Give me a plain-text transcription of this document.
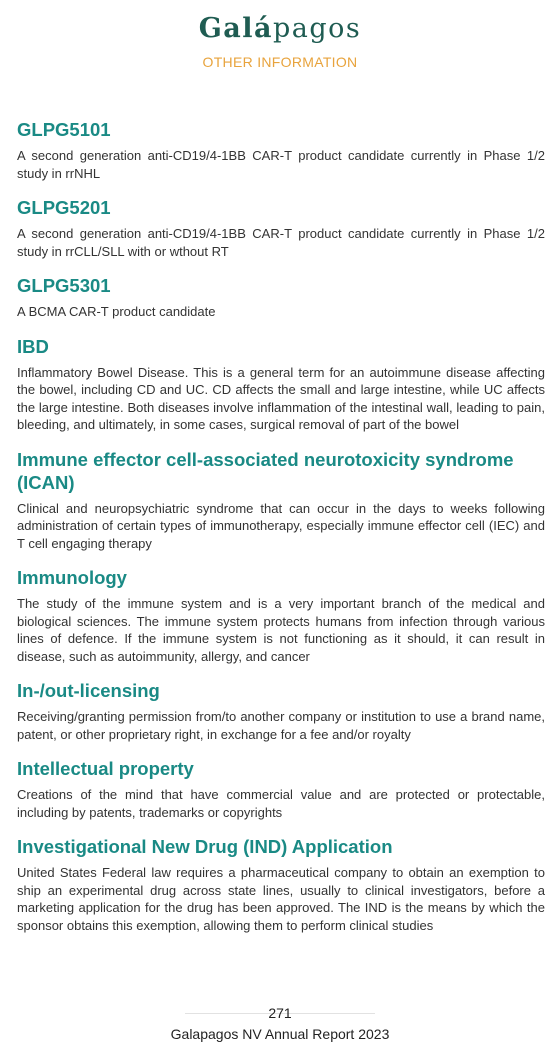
Galápagos
OTHER INFORMATION
GLPG5101

A second generation anti-CD19/4-1BB CAR-T product candidate currently in Phase 1/2 study in rrNHL

GLPG5201

A second generation anti-CD19/4-1BB CAR-T product candidate currently in Phase 1/2 study in rrCLL/SLL with or wthout RT

GLPG5301

A BCMA CAR-T product candidate

IBD

Inflammatory Bowel Disease. This is a general term for an autoimmune disease affecting the bowel, including CD and UC. CD affects the small and large intestine, while UC affects the large intestine. Both diseases involve inflammation of the intestinal wall, leading to pain, bleeding, and ultimately, in some cases, surgical removal of part of the bowel

Immune effector cell-associated neurotoxicity syndrome (ICAN)

Clinical and neuropsychiatric syndrome that can occur in the days to weeks following administration of certain types of immunotherapy, especially immune effector cell (IEC) and T cell engaging therapy

Immunology

The study of the immune system and is a very important branch of the medical and biological sciences. The immune system protects humans from infection through various lines of defence. If the immune system is not functioning as it should, it can result in disease, such as autoimmunity, allergy, and cancer

In-/out-licensing

Receiving/granting permission from/to another company or institution to use a brand name, patent, or other proprietary right, in exchange for a fee and/or royalty

Intellectual property

Creations of the mind that have commercial value and are protected or protectable, including by patents, trademarks or copyrights

Investigational New Drug (IND) Application

United States Federal law requires a pharmaceutical company to obtain an exemption to ship an experimental drug across state lines, usually to clinical investigators, before a marketing application for the drug has been approved. The IND is the means by which the sponsor obtains this exemption, allowing them to perform clinical studies

271
Galapagos NV Annual Report 2023
